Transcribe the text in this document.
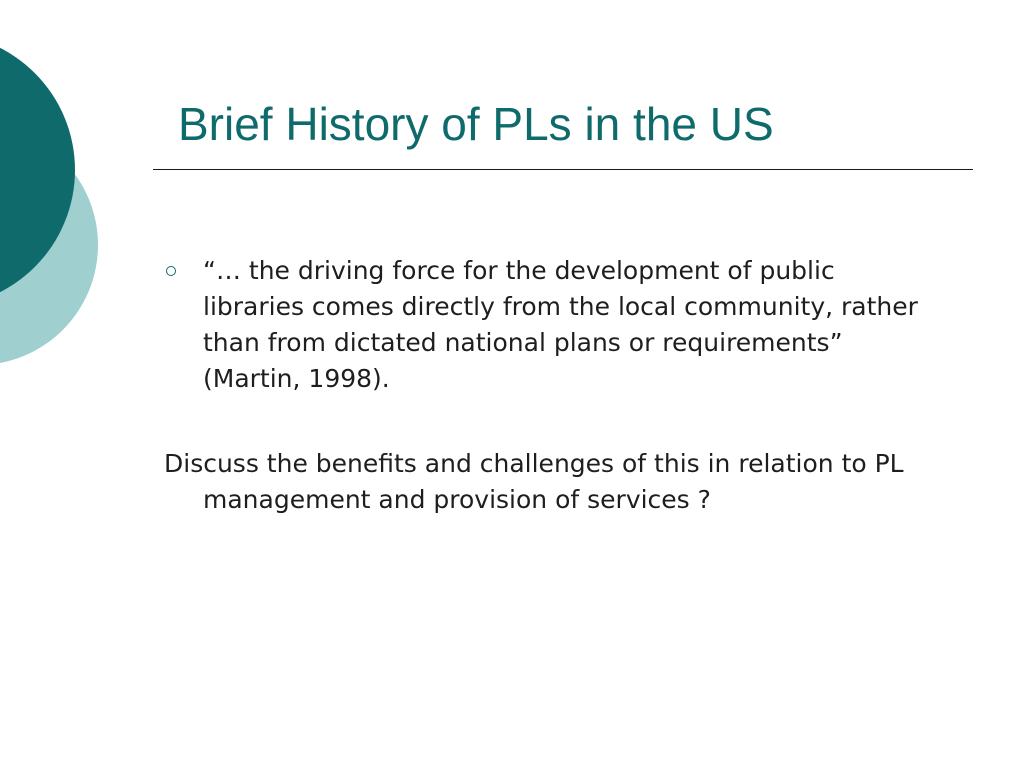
Brief History of PLs in the US

“… the driving force for the development of public libraries comes directly from the local community, rather than from dictated national plans or requirements” (Martin, 1998).

Discuss the benefits and challenges of this in relation to PL management and provision of services ?
